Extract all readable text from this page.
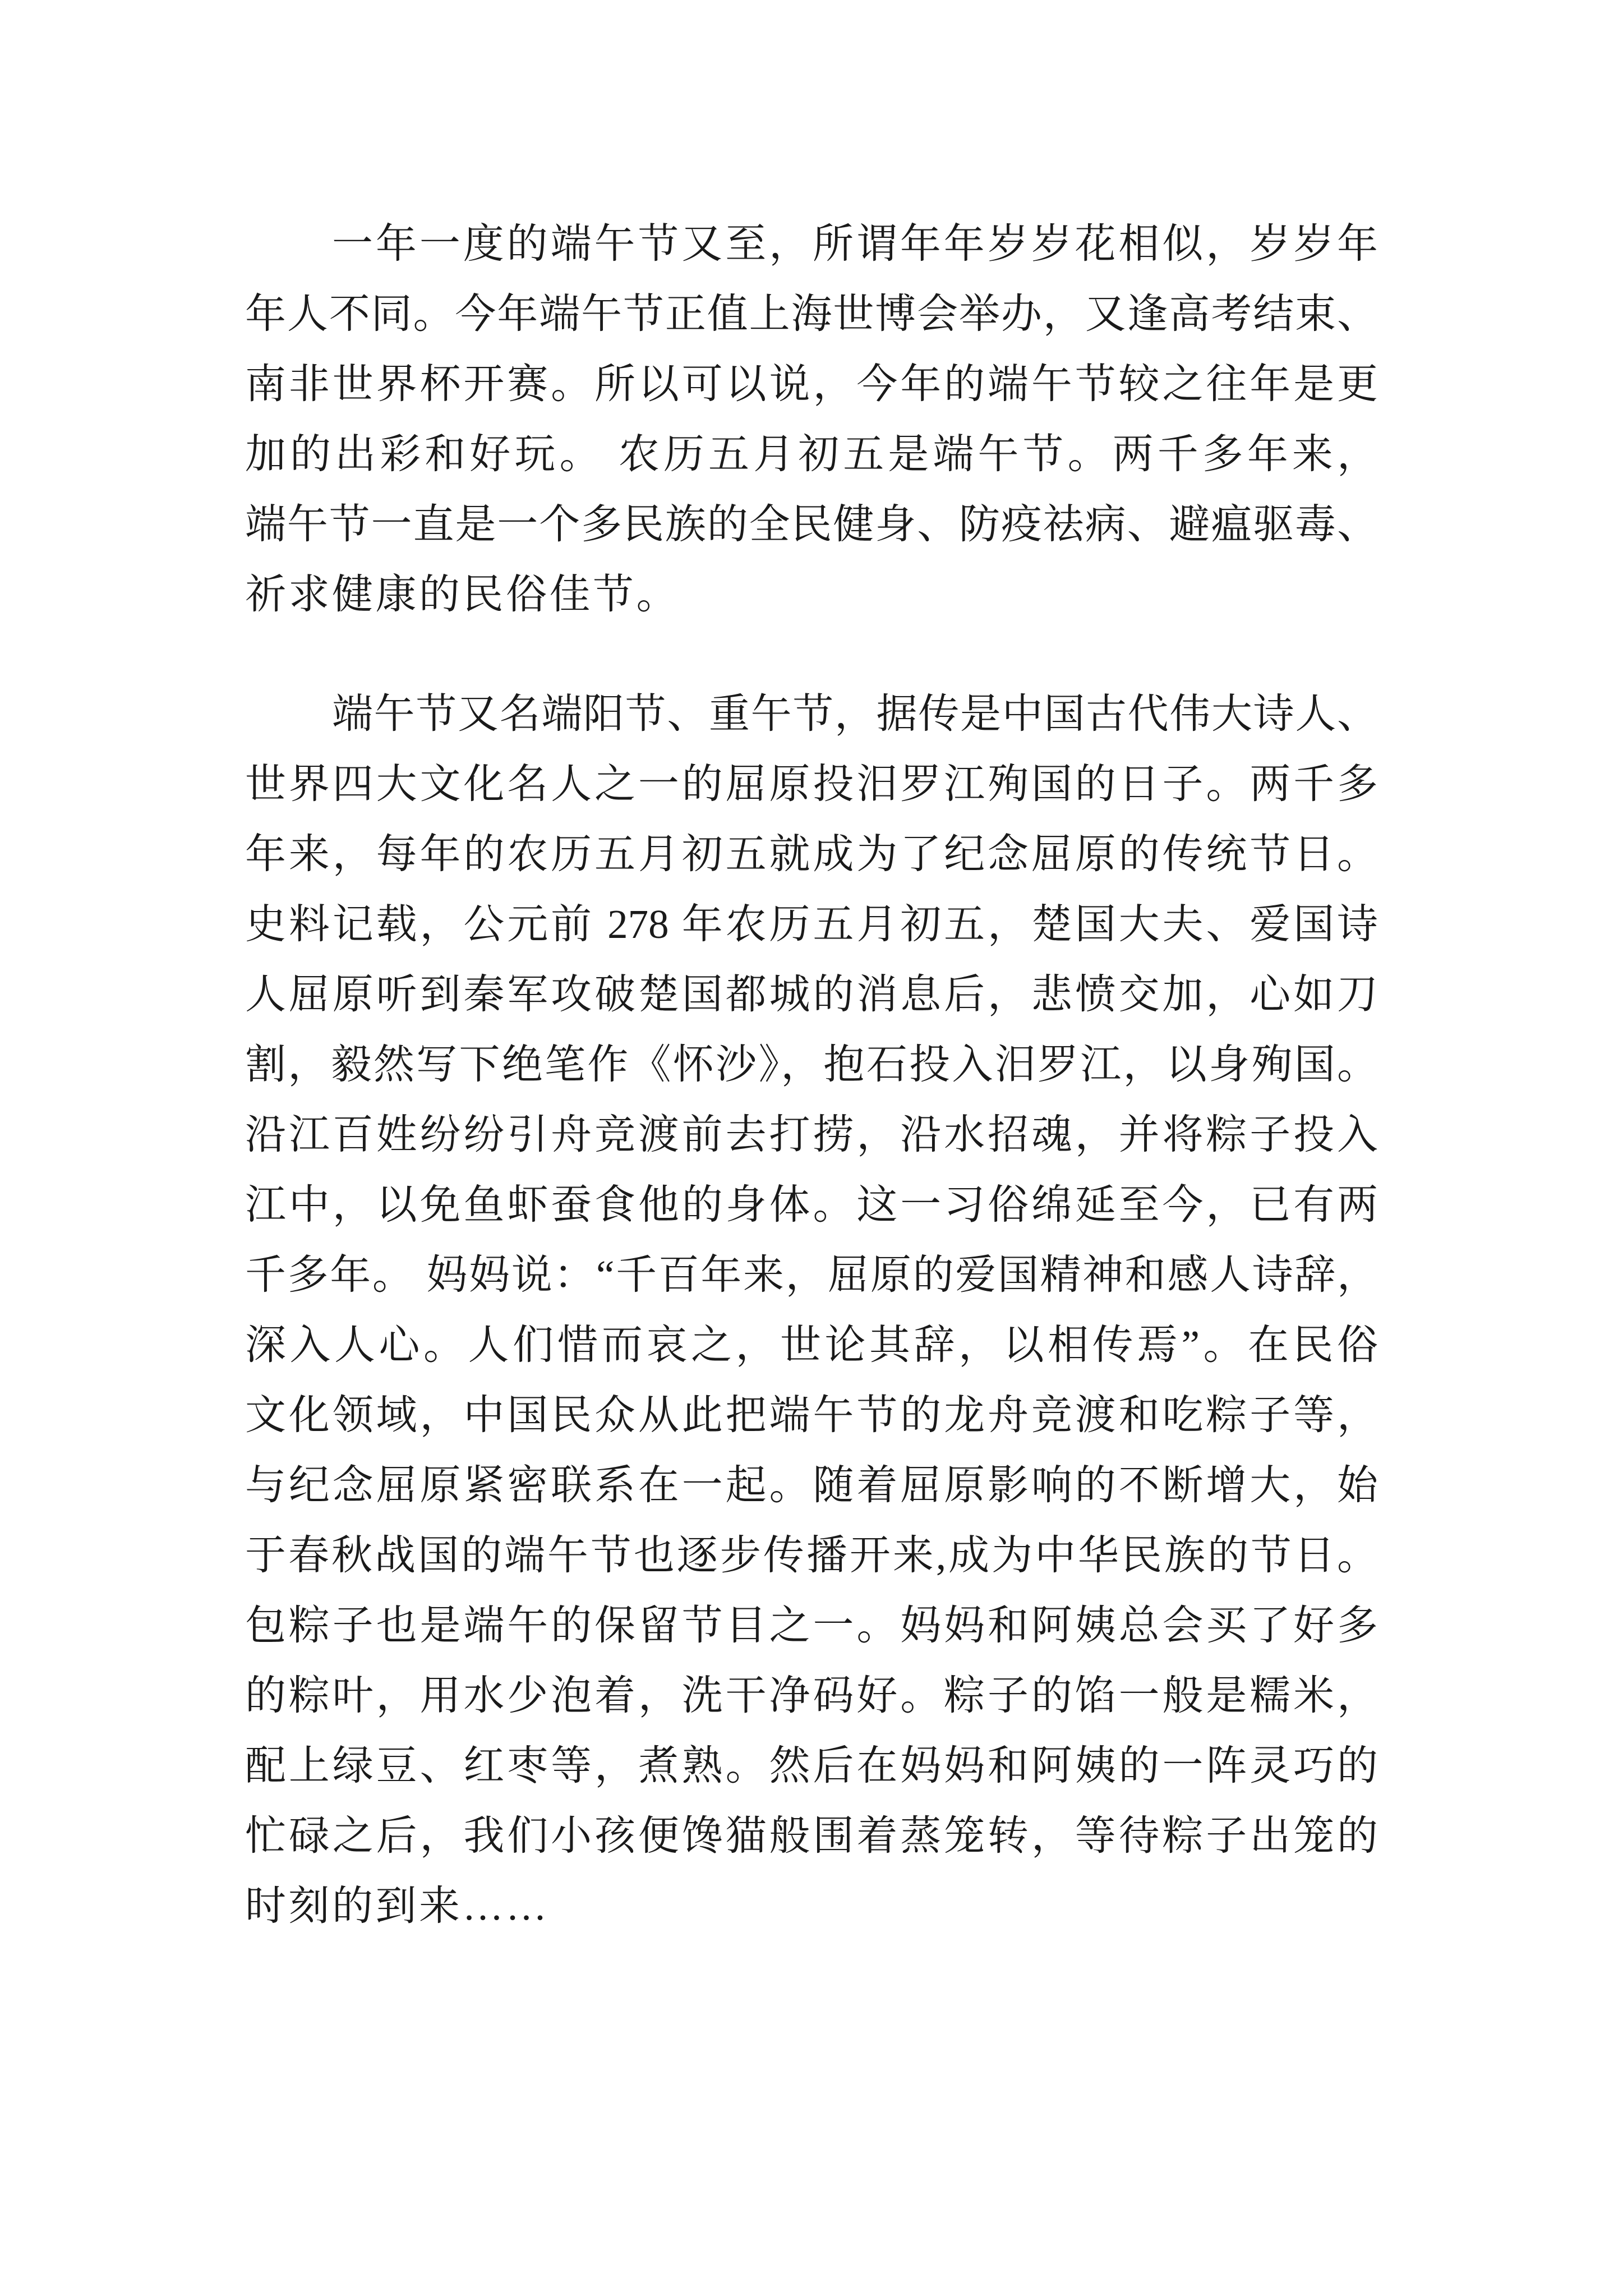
一年一度的端午节又至，所谓年年岁岁花相似，岁岁年
年人不同。今年端午节正值上海世博会举办，又逢高考结束、
南非世界杯开赛。所以可以说，今年的端午节较之往年是更
加的出彩和好玩。 农历五月初五是端午节。两千多年来，
端午节一直是一个多民族的全民健身、防疫祛病、避瘟驱毒、
祈求健康的民俗佳节。
端午节又名端阳节、重午节，据传是中国古代伟大诗人、
世界四大文化名人之一的屈原投汨罗江殉国的日子。两千多
年来，每年的农历五月初五就成为了纪念屈原的传统节日。
史料记载，公元前 278 年农历五月初五，楚国大夫、爱国诗
人屈原听到秦军攻破楚国都城的消息后，悲愤交加，心如刀
割，毅然写下绝笔作《怀沙》，抱石投入汨罗江，以身殉国。
沿江百姓纷纷引舟竞渡前去打捞，沿水招魂，并将粽子投入
江中，以免鱼虾蚕食他的身体。这一习俗绵延至今，已有两
千多年。 妈妈说：“千百年来，屈原的爱国精神和感人诗辞，
深入人心。人们惜而哀之，世论其辞，以相传焉”。在民俗
文化领域，中国民众从此把端午节的龙舟竞渡和吃粽子等，
与纪念屈原紧密联系在一起。随着屈原影响的不断增大，始
于春秋战国的端午节也逐步传播开来,成为中华民族的节日。
包粽子也是端午的保留节目之一。妈妈和阿姨总会买了好多
的粽叶，用水少泡着，洗干净码好。粽子的馅一般是糯米，
配上绿豆、红枣等，煮熟。然后在妈妈和阿姨的一阵灵巧的
忙碌之后，我们小孩便馋猫般围着蒸笼转，等待粽子出笼的
时刻的到来……
